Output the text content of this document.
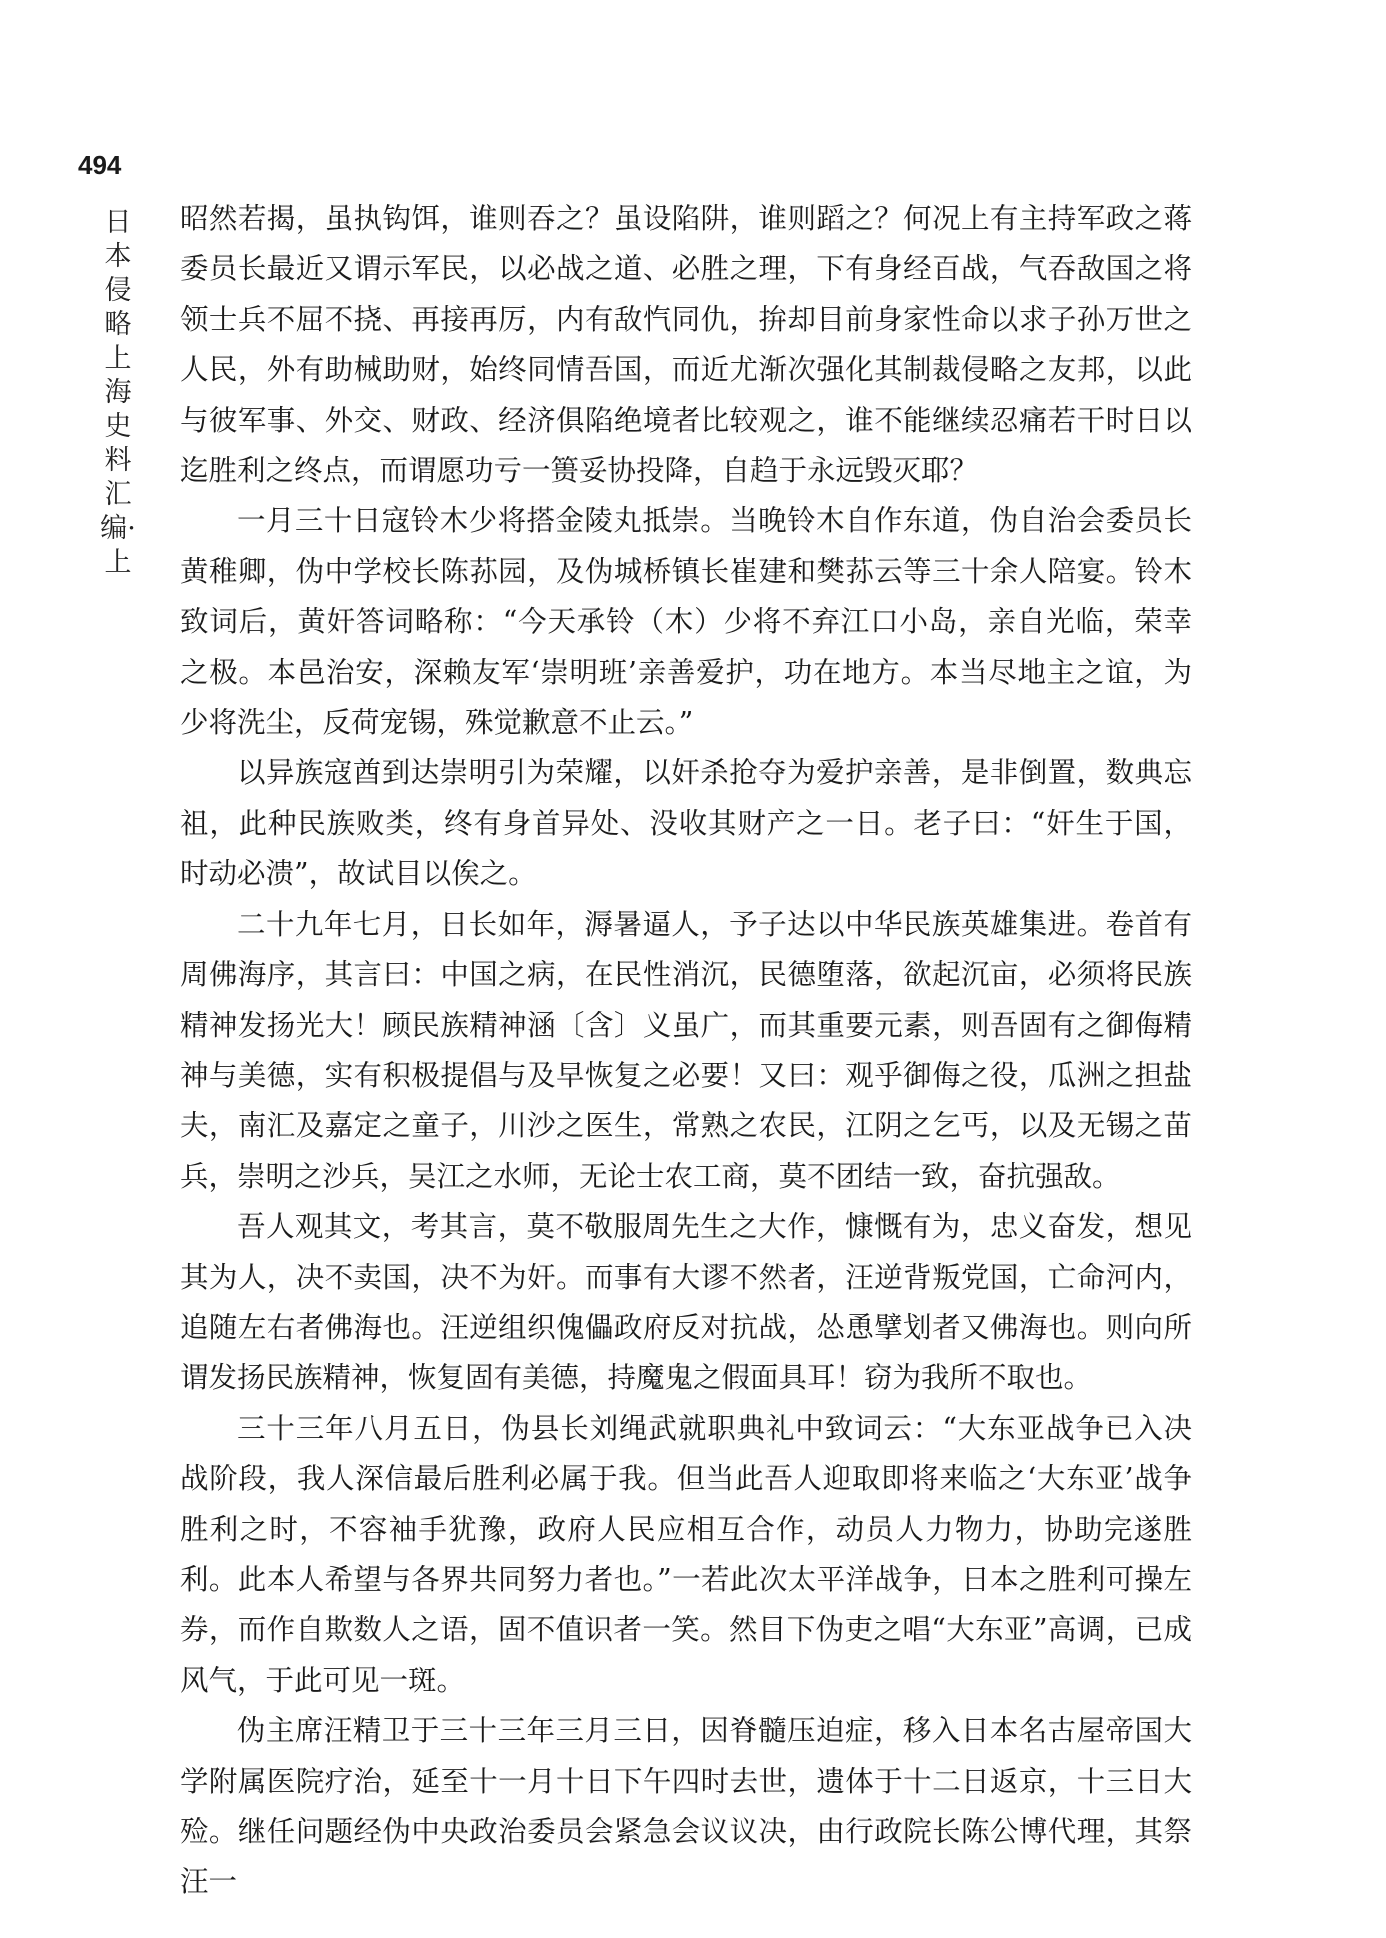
494
日本侵略上海史料汇编·上

昭然若揭，虽执钩饵，谁则吞之？虽设陷阱，谁则蹈之？何况上有主持军政之蒋委员长最近又谓示军民，以必战之道、必胜之理，下有身经百战，气吞敌国之将领士兵不屈不挠、再接再厉，内有敌忾同仇，拚却目前身家性命以求子孙万世之人民，外有助械助财，始终同情吾国，而近尤渐次强化其制裁侵略之友邦，以此与彼军事、外交、财政、经济俱陷绝境者比较观之，谁不能继续忍痛若干时日以迄胜利之终点，而谓愿功亏一篑妥协投降，自趋于永远毁灭耶？

一月三十日寇铃木少将搭金陵丸抵崇。当晚铃木自作东道，伪自治会委员长黄稚卿，伪中学校长陈荪园，及伪城桥镇长崔建和樊荪云等三十余人陪宴。铃木致词后，黄奸答词略称：“今天承铃（木）少将不弃江口小岛，亲自光临，荣幸之极。本邑治安，深赖友军‘崇明班’亲善爱护，功在地方。本当尽地主之谊，为少将洗尘，反荷宠锡，殊觉歉意不止云。”

以异族寇酋到达崇明引为荣耀，以奸杀抢夺为爱护亲善，是非倒置，数典忘祖，此种民族败类，终有身首异处、没收其财产之一日。老子曰：“奸生于国，时动必溃”，故试目以俟之。

二十九年七月，日长如年，溽暑逼人，予子达以中华民族英雄集进。卷首有周佛海序，其言曰：中国之病，在民性消沉，民德堕落，欲起沉亩，必须将民族精神发扬光大！顾民族精神涵〔含〕义虽广，而其重要元素，则吾固有之御侮精神与美德，实有积极提倡与及早恢复之必要！又曰：观乎御侮之役，瓜洲之担盐夫，南汇及嘉定之童子，川沙之医生，常熟之农民，江阴之乞丐，以及无锡之苗兵，崇明之沙兵，吴江之水师，无论士农工商，莫不团结一致，奋抗强敌。

吾人观其文，考其言，莫不敬服周先生之大作，慷慨有为，忠义奋发，想见其为人，决不卖国，决不为奸。而事有大谬不然者，汪逆背叛党国，亡命河内，追随左右者佛海也。汪逆组织傀儡政府反对抗战，怂恿擘划者又佛海也。则向所谓发扬民族精神，恢复固有美德，持魔鬼之假面具耳！窃为我所不取也。

三十三年八月五日，伪县长刘绳武就职典礼中致词云：“大东亚战争已入决战阶段，我人深信最后胜利必属于我。但当此吾人迎取即将来临之‘大东亚’战争胜利之时，不容袖手犹豫，政府人民应相互合作，动员人力物力，协助完遂胜利。此本人希望与各界共同努力者也。”一若此次太平洋战争，日本之胜利可操左券，而作自欺数人之语，固不值识者一笑。然目下伪吏之唱“大东亚”高调，已成风气，于此可见一斑。

伪主席汪精卫于三十三年三月三日，因脊髓压迫症，移入日本名古屋帝国大学附属医院疗治，延至十一月十日下午四时去世，遗体于十二日返京，十三日大殓。继任问题经伪中央政治委员会紧急会议议决，由行政院长陈公博代理，其祭汪一
